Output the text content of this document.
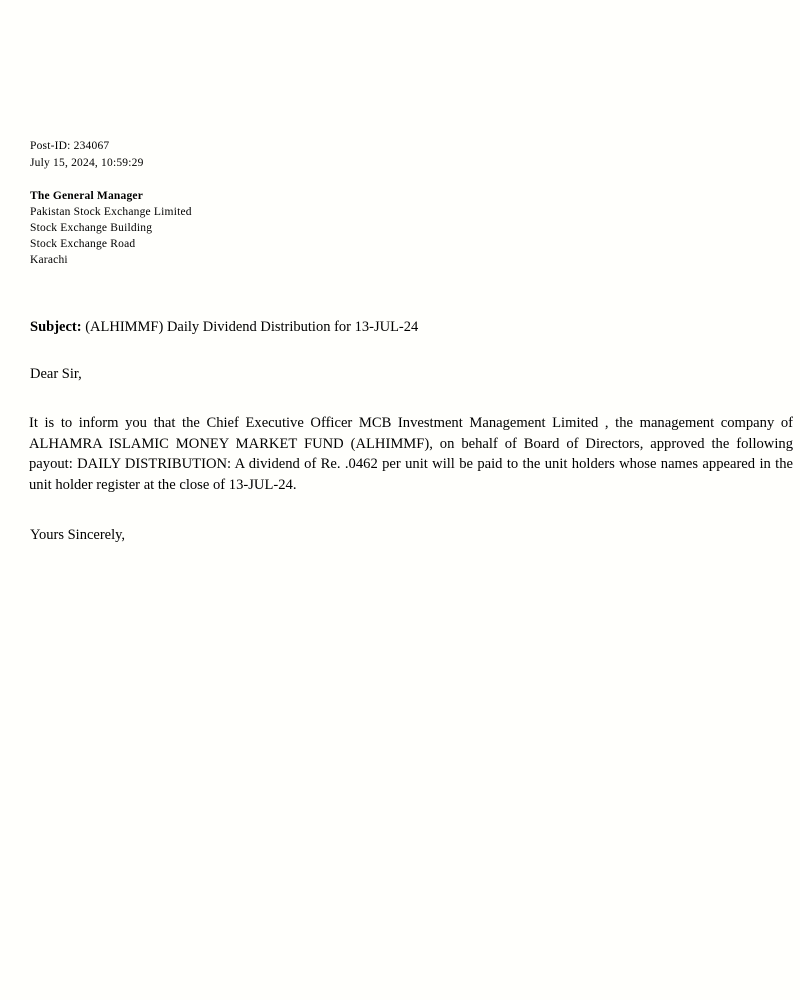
Post-ID: 234067
July 15, 2024, 10:59:29
The General Manager
Pakistan Stock Exchange Limited
Stock Exchange Building
Stock Exchange Road
Karachi
Subject: (ALHIMMF) Daily Dividend Distribution for 13-JUL-24
Dear Sir,
It is to inform you that the Chief Executive Officer MCB Investment Management Limited , the management company of ALHAMRA ISLAMIC MONEY MARKET FUND (ALHIMMF), on behalf of Board of Directors, approved the following payout: DAILY DISTRIBUTION: A dividend of Re. .0462 per unit will be paid to the unit holders whose names appeared in the unit holder register at the close of 13-JUL-24.
Yours Sincerely,
